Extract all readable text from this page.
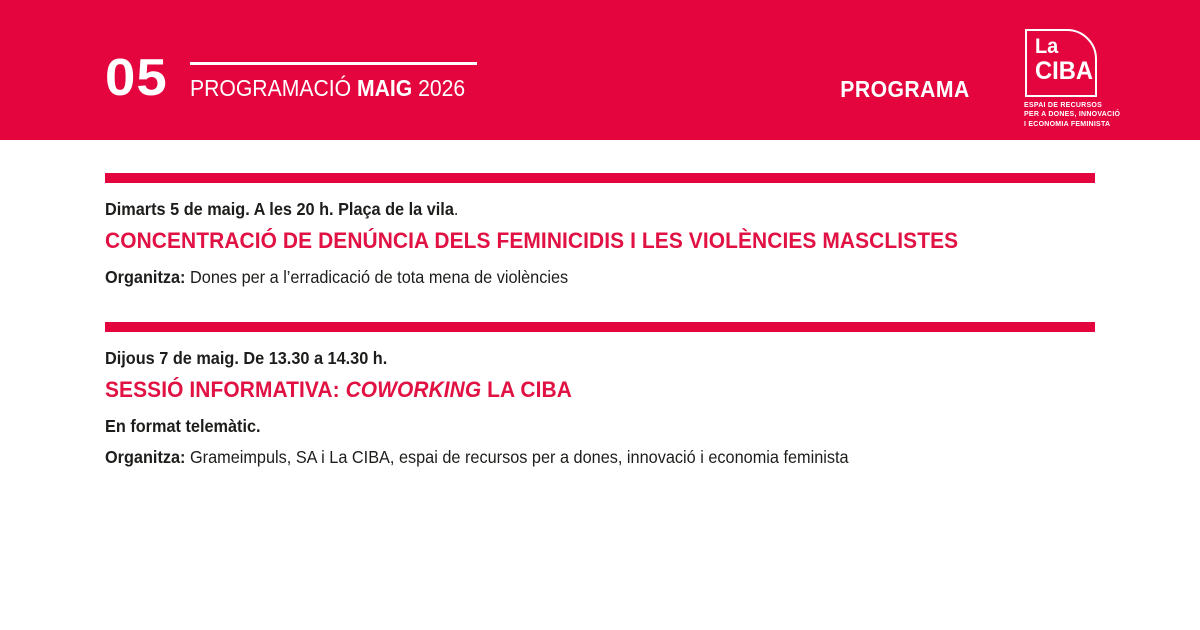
05 PROGRAMACIÓ MAIG 2026	PROGRAMA
La
CIBA
ESPAI DE RECURSOS
PER A DONES, INNOVACIÓ
I ECONOMIA FEMINISTA
Dimarts 5 de maig. A les 20 h. Plaça de la vila.
CONCENTRACIÓ DE DENÚNCIA DELS FEMINICIDIS I LES VIOLÈNCIES MASCLISTES
Organitza: Dones per a l’erradicació de tota mena de violències
Dijous 7 de maig. De 13.30 a 14.30 h.
SESSIÓ INFORMATIVA: COWORKING LA CIBA
En format telemàtic.
Organitza: Grameimpuls, SA i La CIBA, espai de recursos per a dones, innovació i economia feminista
